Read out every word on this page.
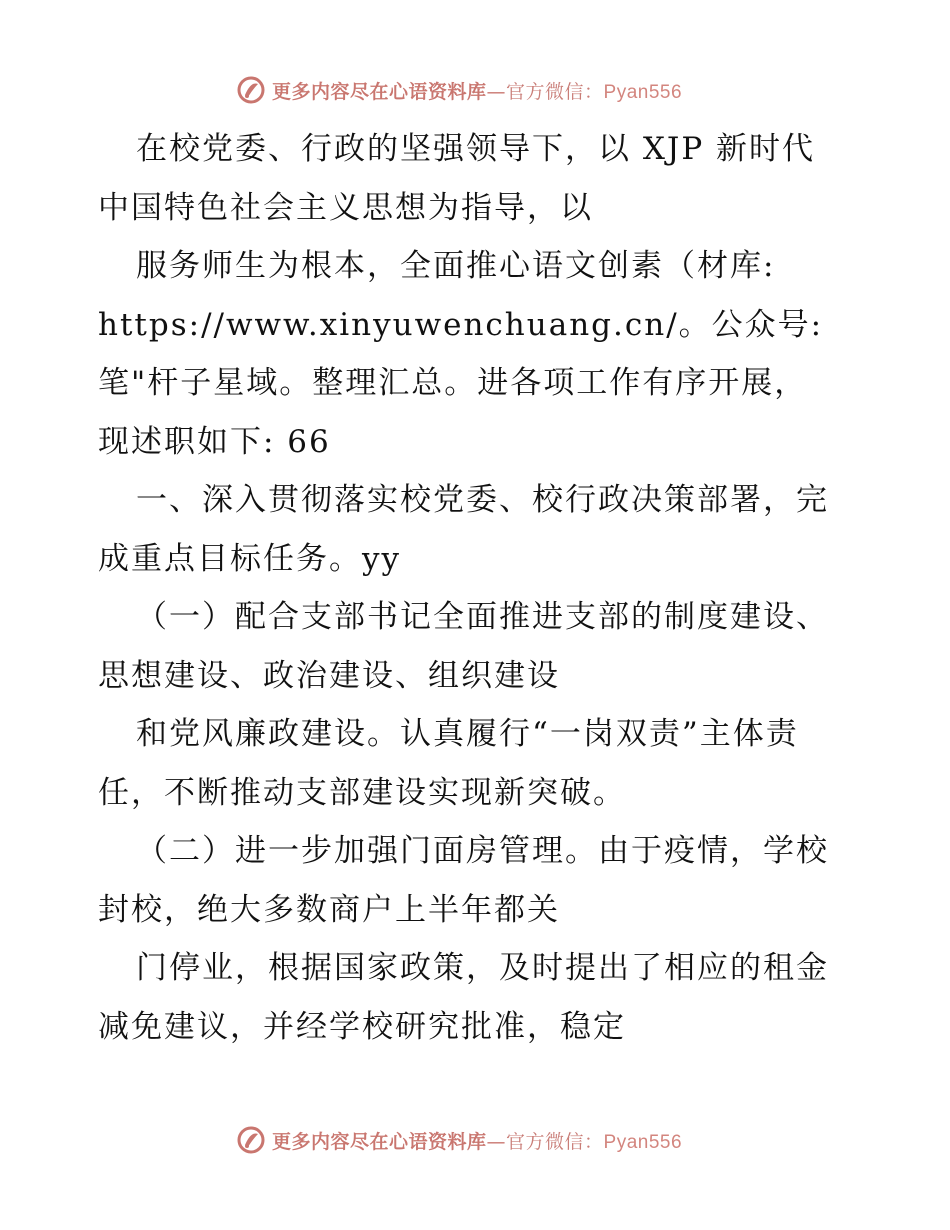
更多内容尽在心语资料库—官方微信：Pyan556
在校党委、行政的坚强领导下，以 XJP 新时代
中国特色社会主义思想为指导，以
服务师生为根本，全面推心语文创素（材库:
https://www.xinyuwenchuang.cn/。公众号:
笔"杆子星域。整理汇总。进各项工作有序开展，
现述职如下: 66
一、深入贯彻落实校党委、校行政决策部署，完
成重点目标任务。yy
（一）配合支部书记全面推进支部的制度建设、
思想建设、政治建设、组织建设
和党风廉政建设。认真履行“一岗双责”主体责
任，不断推动支部建设实现新突破。
（二）进一步加强门面房管理。由于疫情，学校
封校，绝大多数商户上半年都关
门停业，根据国家政策，及时提出了相应的租金
减免建议，并经学校研究批准，稳定
更多内容尽在心语资料库—官方微信：Pyan556
